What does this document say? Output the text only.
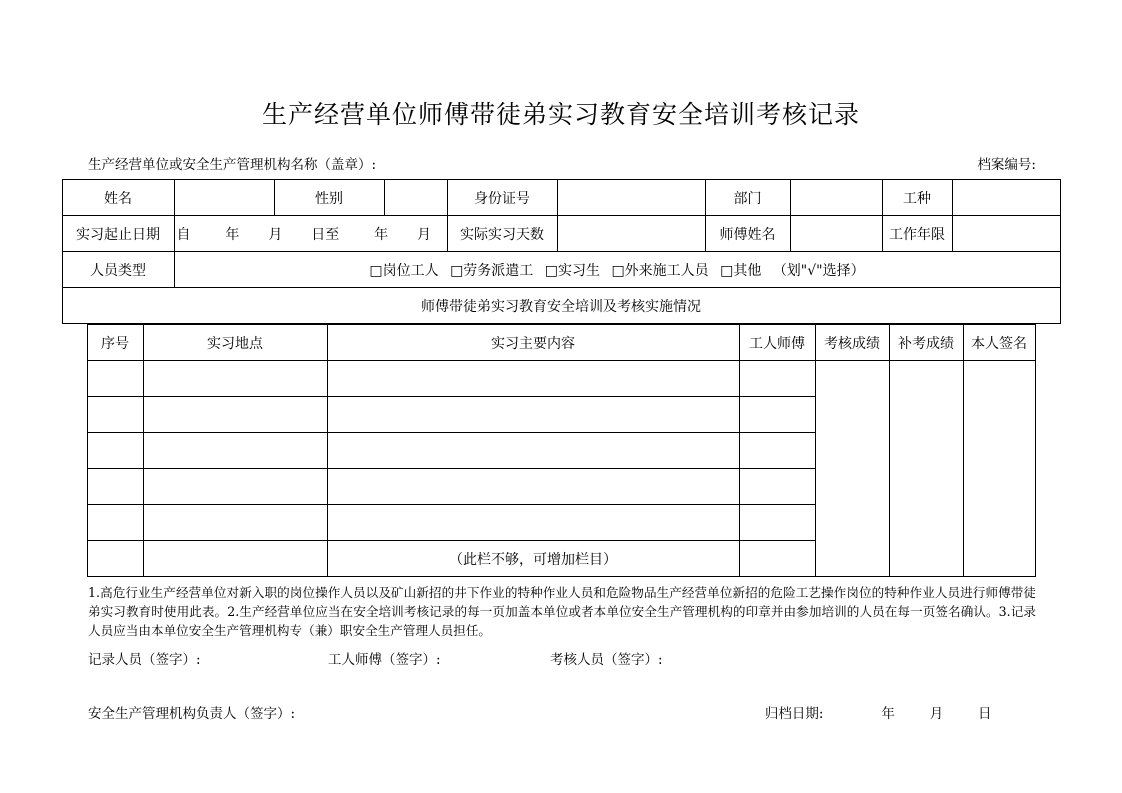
生产经营单位师傅带徒弟实习教育安全培训考核记录
生产经营单位或安全生产管理机构名称（盖章）:	档案编号:
姓名		性别		身份证号		部门		工种	
实习起止日期	自 年 月 日至 年 月			实际实习天数		师傅姓名		工作年限	
人员类型	□岗位工人 □劳务派遣工 □实习生 □外来施工人员 □其他 （划"√"选择）								
师傅带徒弟实习教育安全培训及考核实施情况									
序号	实习地点	实习主要内容	工人师傅	考核成绩	补考成绩	本人签名

		（此栏不够，可增加栏目）				

1.高危行业生产经营单位对新入职的岗位操作人员以及矿山新招的井下作业的特种作业人员和危险物品生产经营单位新招的危险工艺操作岗位的特种作业人员进行师傅带徒弟实习教育时使用此表。2.生产经营单位应当在安全培训考核记录的每一页加盖本单位或者本单位安全生产管理机构的印章并由参加培训的人员在每一页签名确认。3.记录人员应当由本单位安全生产管理机构专（兼）职安全生产管理人员担任。

记录人员（签字）:	工人师傅（签字）:	考核人员（签字）:
安全生产管理机构负责人（签字）:	归档日期:	年	月	日
